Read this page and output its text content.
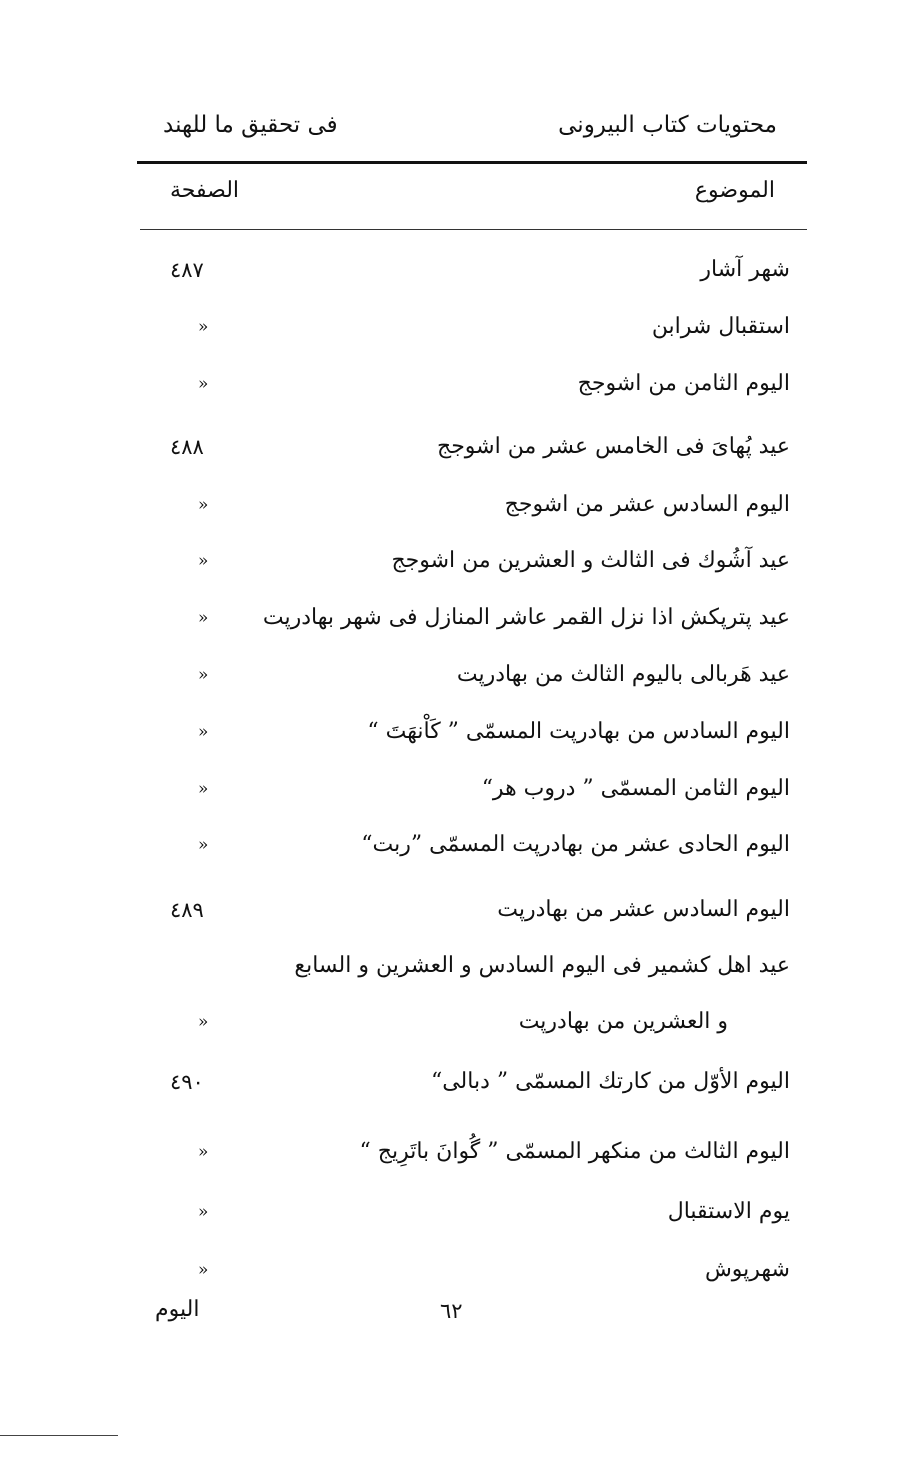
محتويات كتاب البيرونى
فى تحقيق ما للهند
الموضوع
الصفحة
شهر آشار
٤٨٧
استقبال شرابن
»
اليوم الثامن من اشوجج
»
عيد پُهایَ فى الخامس عشر من اشوجج
٤٨٨
اليوم السادس عشر من اشوجج
»
عيد آشُوك فى الثالث و العشرين من اشوجج
»
عيد پترپكش اذا نزل القمر عاشر المنازل فى شهر بهادرپت
»
عيد هَربالى باليوم الثالث من بهادرپت
»
اليوم السادس من بهادرپت المسمّى ” كَاْنهَتَ “
»
اليوم الثامن المسمّى ” دروب هر“
»
اليوم الحادى عشر من بهادرپت المسمّى ”ربت“
»
اليوم السادس عشر من بهادرپت
٤٨٩
عيد اهل كشمير فى اليوم السادس و العشرين و السابع
و العشرين من بهادرپت
»
اليوم الأوّل من كارتك المسمّى ” دبالى“
٤٩٠
اليوم الثالث من منكهر المسمّى ” گُوانَ باتَرِيج “
»
يوم الاستقبال
»
شهرپوش
»
اليوم	٦٢
